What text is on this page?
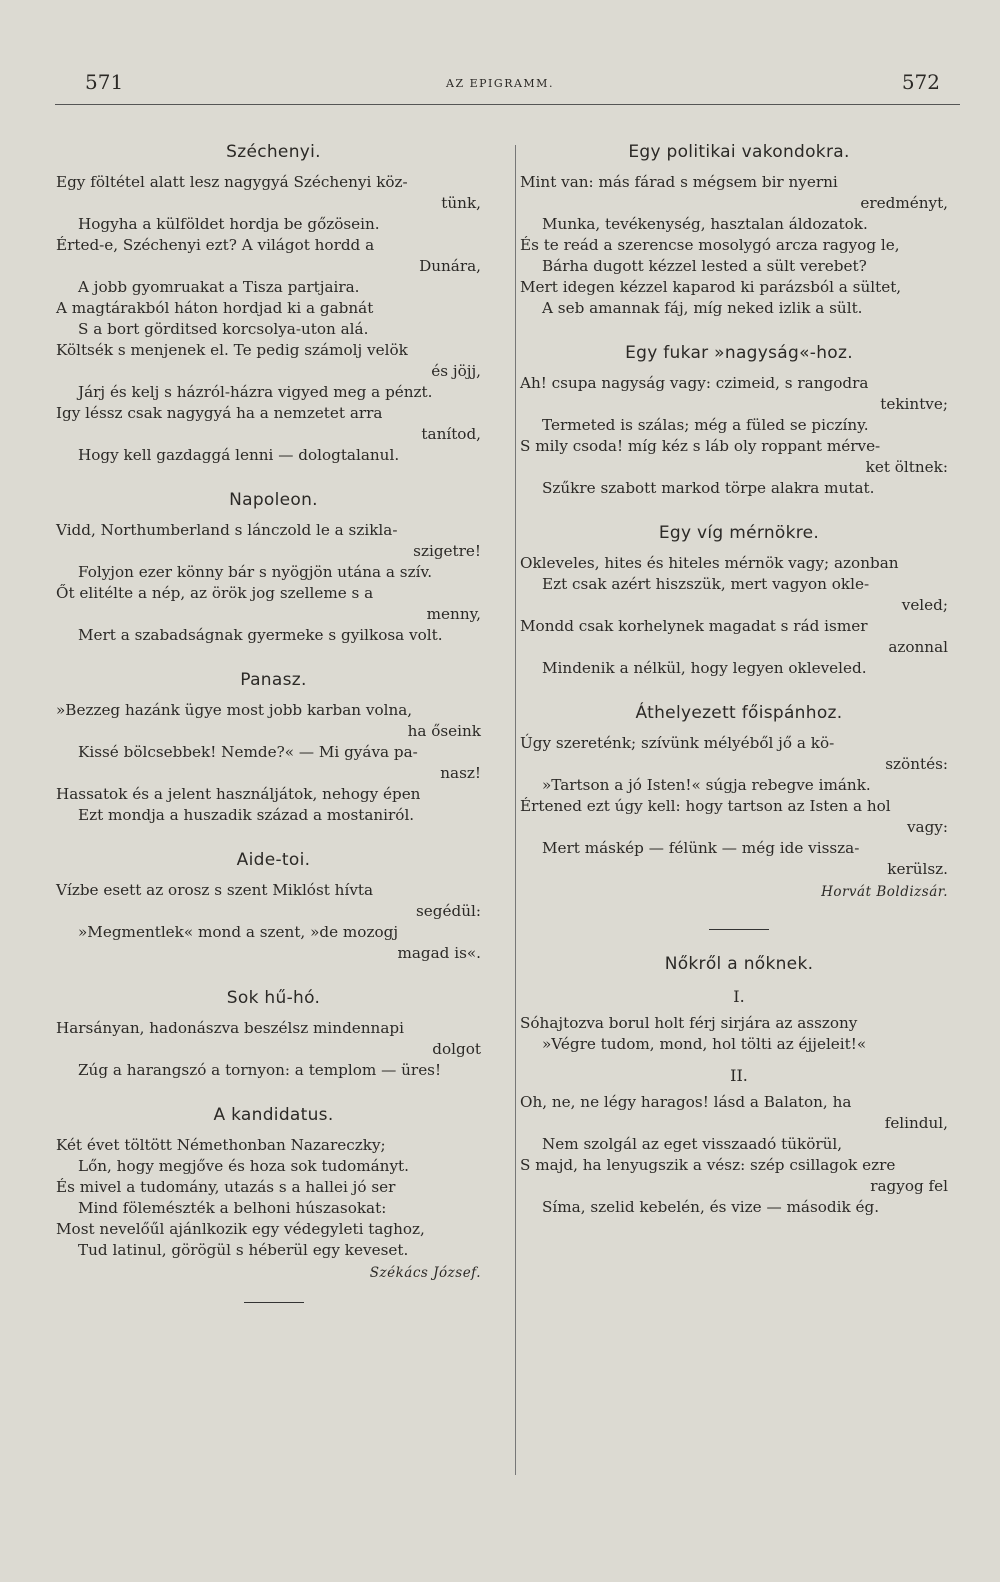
571	AZ EPIGRAMM.	572
Széchenyi.
Egy föltétel alatt lesz nagygyá Széchenyi köz-
tünk,
Hogyha a külföldet hordja be gőzösein.
Érted-e, Széchenyi ezt? A világot hordd a
Dunára,
A jobb gyomruakat a Tisza partjaira.
A magtárakból háton hordjad ki a gabnát
S a bort görditsed korcsolya-uton alá.
Költsék s menjenek el. Te pedig számolj velök
és jöjj,
Járj és kelj s házról-házra vigyed meg a pénzt.
Igy léssz csak nagygyá ha a nemzetet arra
tanítod,
Hogy kell gazdaggá lenni — dologtalanul.
Napoleon.
Vidd, Northumberland s lánczold le a szikla-
szigetre!
Folyjon ezer könny bár s nyögjön utána a szív.
Őt elitélte a nép, az örök jog szelleme s a
menny,
Mert a szabadságnak gyermeke s gyilkosa volt.
Panasz.
»Bezzeg hazánk ügye most jobb karban volna,
ha őseink
Kissé bölcsebbek! Nemde?« — Mi gyáva pa-
nasz!
Hassatok és a jelent használjátok, nehogy épen
Ezt mondja a huszadik század a mostaniról.
Aide-toi.
Vízbe esett az orosz s szent Miklóst hívta
segédül:
»Megmentlek« mond a szent, »de mozogj
magad is«.
Sok hű-hó.
Harsányan, hadonászva beszélsz mindennapi
dolgot
Zúg a harangszó a tornyon: a templom — üres!
A kandidatus.
Két évet töltött Némethonban Nazareczky;
Lőn, hogy megjőve és hoza sok tudományt.
És mivel a tudomány, utazás s a hallei jó ser
Mind fölemészték a belhoni húszasokat:
Most nevelőűl ajánlkozik egy védegyleti taghoz,
Tud latinul, görögül s héberül egy keveset.
Székács József.
Egy politikai vakondokra.
Mint van: más fárad s mégsem bir nyerni
eredményt,
Munka, tevékenység, hasztalan áldozatok.
És te reád a szerencse mosolygó arcza ragyog le,
Bárha dugott kézzel lested a sült verebet?
Mert idegen kézzel kaparod ki parázsból a sültet,
A seb amannak fáj, míg neked izlik a sült.
Egy fukar »nagyság«-hoz.
Ah! csupa nagyság vagy: czimeid, s rangodra
tekintve;
Termeted is szálas; még a füled se piczíny.
S mily csoda! míg kéz s láb oly roppant mérve-
ket öltnek:
Szűkre szabott markod törpe alakra mutat.
Egy víg mérnökre.
Okleveles, hites és hiteles mérnök vagy; azonban
Ezt csak azért hiszszük, mert vagyon okle-
veled;
Mondd csak korhelynek magadat s rád ismer
azonnal
Mindenik a nélkül, hogy legyen okleveled.
Áthelyezett főispánhoz.
Úgy szereténk; szívünk mélyéből jő a kö-
szöntés:
»Tartson a jó Isten!« súgja rebegve imánk.
Értened ezt úgy kell: hogy tartson az Isten a hol
vagy:
Mert máskép — félünk — még ide vissza-
kerülsz.
Horvát Boldizsár.
Nőkről a nőknek.
I.
Sóhajtozva borul holt férj sirjára az asszony
»Végre tudom, mond, hol tölti az éjjeleit!«
II.
Oh, ne, ne légy haragos! lásd a Balaton, ha
felindul,
Nem szolgál az eget visszaadó tükörül,
S majd, ha lenyugszik a vész: szép csillagok ezre
ragyog fel
Síma, szelid kebelén, és vize — második ég.
